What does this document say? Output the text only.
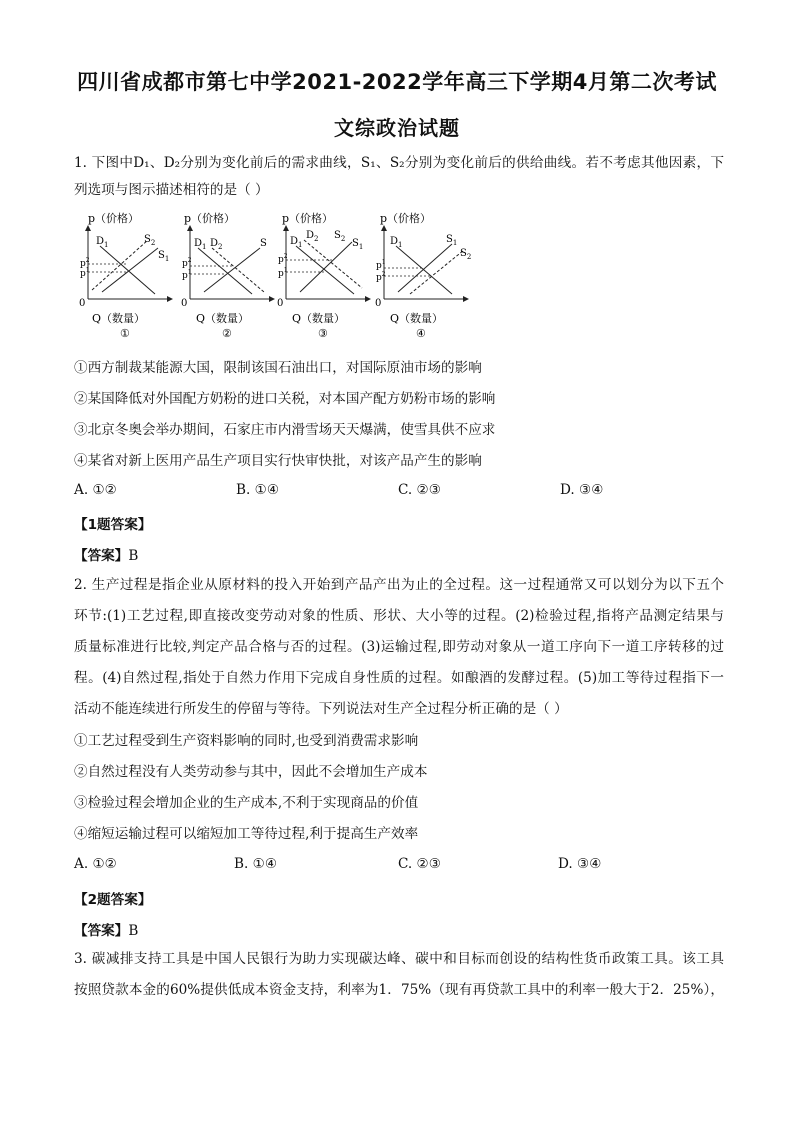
四川省成都市第七中学2021-2022学年高三下学期4月第二次考试
文综政治试题
1. 下图中D₁、D₂分别为变化前后的需求曲线，S₁、S₂分别为变化前后的供给曲线。若不考虑其他因素，下
列选项与图示描述相符的是（ ）
p（价格）
0
Q（数量）
①
$D_1$	$S_2$
$S_1$
$p^2$
$p^1$
p（价格）
0
Q（数量）
②
$D_1$ $D_2$	S
$p^2$
$p^1$
p（价格）
0
Q（数量）
③
$D_1$
$D_2$ $S_2$ $S_1$
$p^2$
$p^1$
p（价格）
0
Q（数量）
④
$D_1$	$S_1$
$S_2$
$p^1$
$p^2$
①西方制裁某能源大国，限制该国石油出口，对国际原油市场的影响
②某国降低对外国配方奶粉的进口关税，对本国产配方奶粉市场的影响
③北京冬奥会举办期间，石家庄市内滑雪场天天爆满，使雪具供不应求
④某省对新上医用产品生产项目实行快审快批，对该产品产生的影响
A. ①②	B. ①④	C. ②③	D. ③④
【1题答案】
【答案】B
2. 生产过程是指企业从原材料的投入开始到产品产出为止的全过程。这一过程通常又可以划分为以下五个
环节:(1)工艺过程,即直接改变劳动对象的性质、形状、大小等的过程。(2)检验过程,指将产品测定结果与
质量标准进行比较,判定产品合格与否的过程。(3)运输过程,即劳动对象从一道工序向下一道工序转移的过
程。(4)自然过程,指处于自然力作用下完成自身性质的过程。如酿酒的发酵过程。(5)加工等待过程指下一
活动不能连续进行所发生的停留与等待。下列说法对生产全过程分析正确的是（ ）
①工艺过程受到生产资料影响的同时,也受到消费需求影响
②自然过程没有人类劳动参与其中，因此不会增加生产成本
③检验过程会增加企业的生产成本,不利于实现商品的价值
④缩短运输过程可以缩短加工等待过程,利于提高生产效率
A. ①②	B. ①④	C. ②③	D. ③④
【2题答案】
【答案】B
3. 碳减排支持工具是中国人民银行为助力实现碳达峰、碳中和目标而创设的结构性货币政策工具。该工具
按照贷款本金的60%提供低成本资金支持，利率为1．75%（现有再贷款工具中的利率一般大于2．25%），
